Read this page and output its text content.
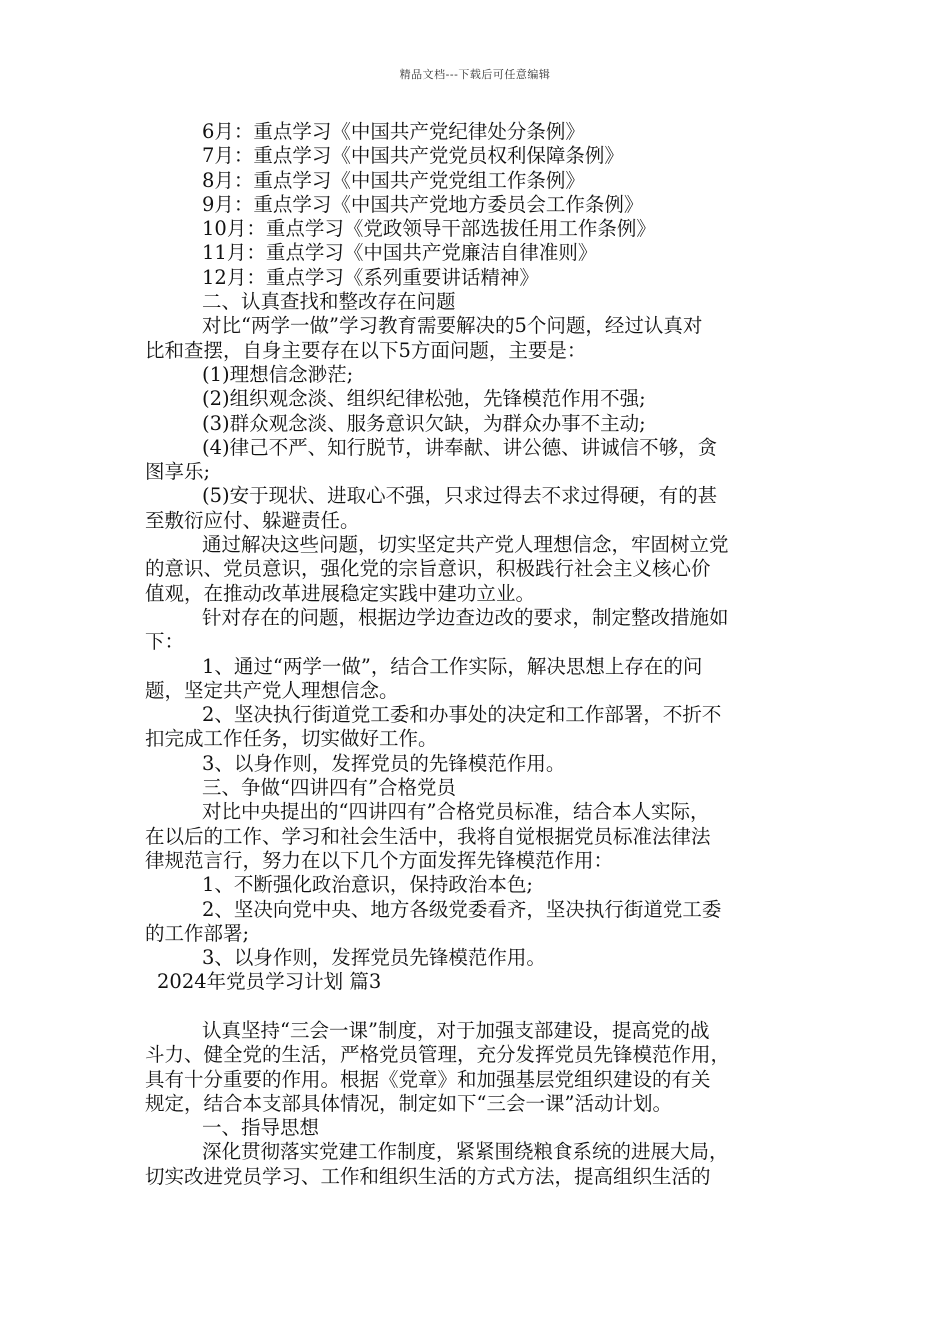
精品文档---下载后可任意编辑
6月：重点学习《中国共产党纪律处分条例》
7月：重点学习《中国共产党党员权利保障条例》
8月：重点学习《中国共产党党组工作条例》
9月：重点学习《中国共产党地方委员会工作条例》
10月：重点学习《党政领导干部选拔任用工作条例》
11月：重点学习《中国共产党廉洁自律准则》
12月：重点学习《系列重要讲话精神》
二、认真查找和整改存在问题
对比“两学一做”学习教育需要解决的5个问题，经过认真对
比和查摆，自身主要存在以下5方面问题，主要是：
(1)理想信念渺茫;
(2)组织观念淡、组织纪律松弛，先锋模范作用不强;
(3)群众观念淡、服务意识欠缺，为群众办事不主动;
(4)律己不严、知行脱节，讲奉献、讲公德、讲诚信不够，贪
图享乐;
(5)安于现状、进取心不强，只求过得去不求过得硬，有的甚
至敷衍应付、躲避责任。
通过解决这些问题，切实坚定共产党人理想信念，牢固树立党
的意识、党员意识，强化党的宗旨意识，积极践行社会主义核心价
值观，在推动改革进展稳定实践中建功立业。
针对存在的问题，根据边学边查边改的要求，制定整改措施如
下：
1、通过“两学一做”，结合工作实际，解决思想上存在的问
题，坚定共产党人理想信念。
2、坚决执行街道党工委和办事处的决定和工作部署，不折不
扣完成工作任务，切实做好工作。
3、以身作则，发挥党员的先锋模范作用。
三、争做“四讲四有”合格党员
对比中央提出的“四讲四有”合格党员标准，结合本人实际，
在以后的工作、学习和社会生活中，我将自觉根据党员标准法律法
律规范言行，努力在以下几个方面发挥先锋模范作用：
1、不断强化政治意识，保持政治本色;
2、坚决向党中央、地方各级党委看齐，坚决执行街道党工委
的工作部署;
3、以身作则，发挥党员先锋模范作用。
2024年党员学习计划 篇3
认真坚持“三会一课”制度，对于加强支部建设，提高党的战
斗力、健全党的生活，严格党员管理，充分发挥党员先锋模范作用，
具有十分重要的作用。根据《党章》和加强基层党组织建设的有关
规定，结合本支部具体情况，制定如下“三会一课”活动计划。
一、指导思想
深化贯彻落实党建工作制度，紧紧围绕粮食系统的进展大局，
切实改进党员学习、工作和组织生活的方式方法，提高组织生活的
